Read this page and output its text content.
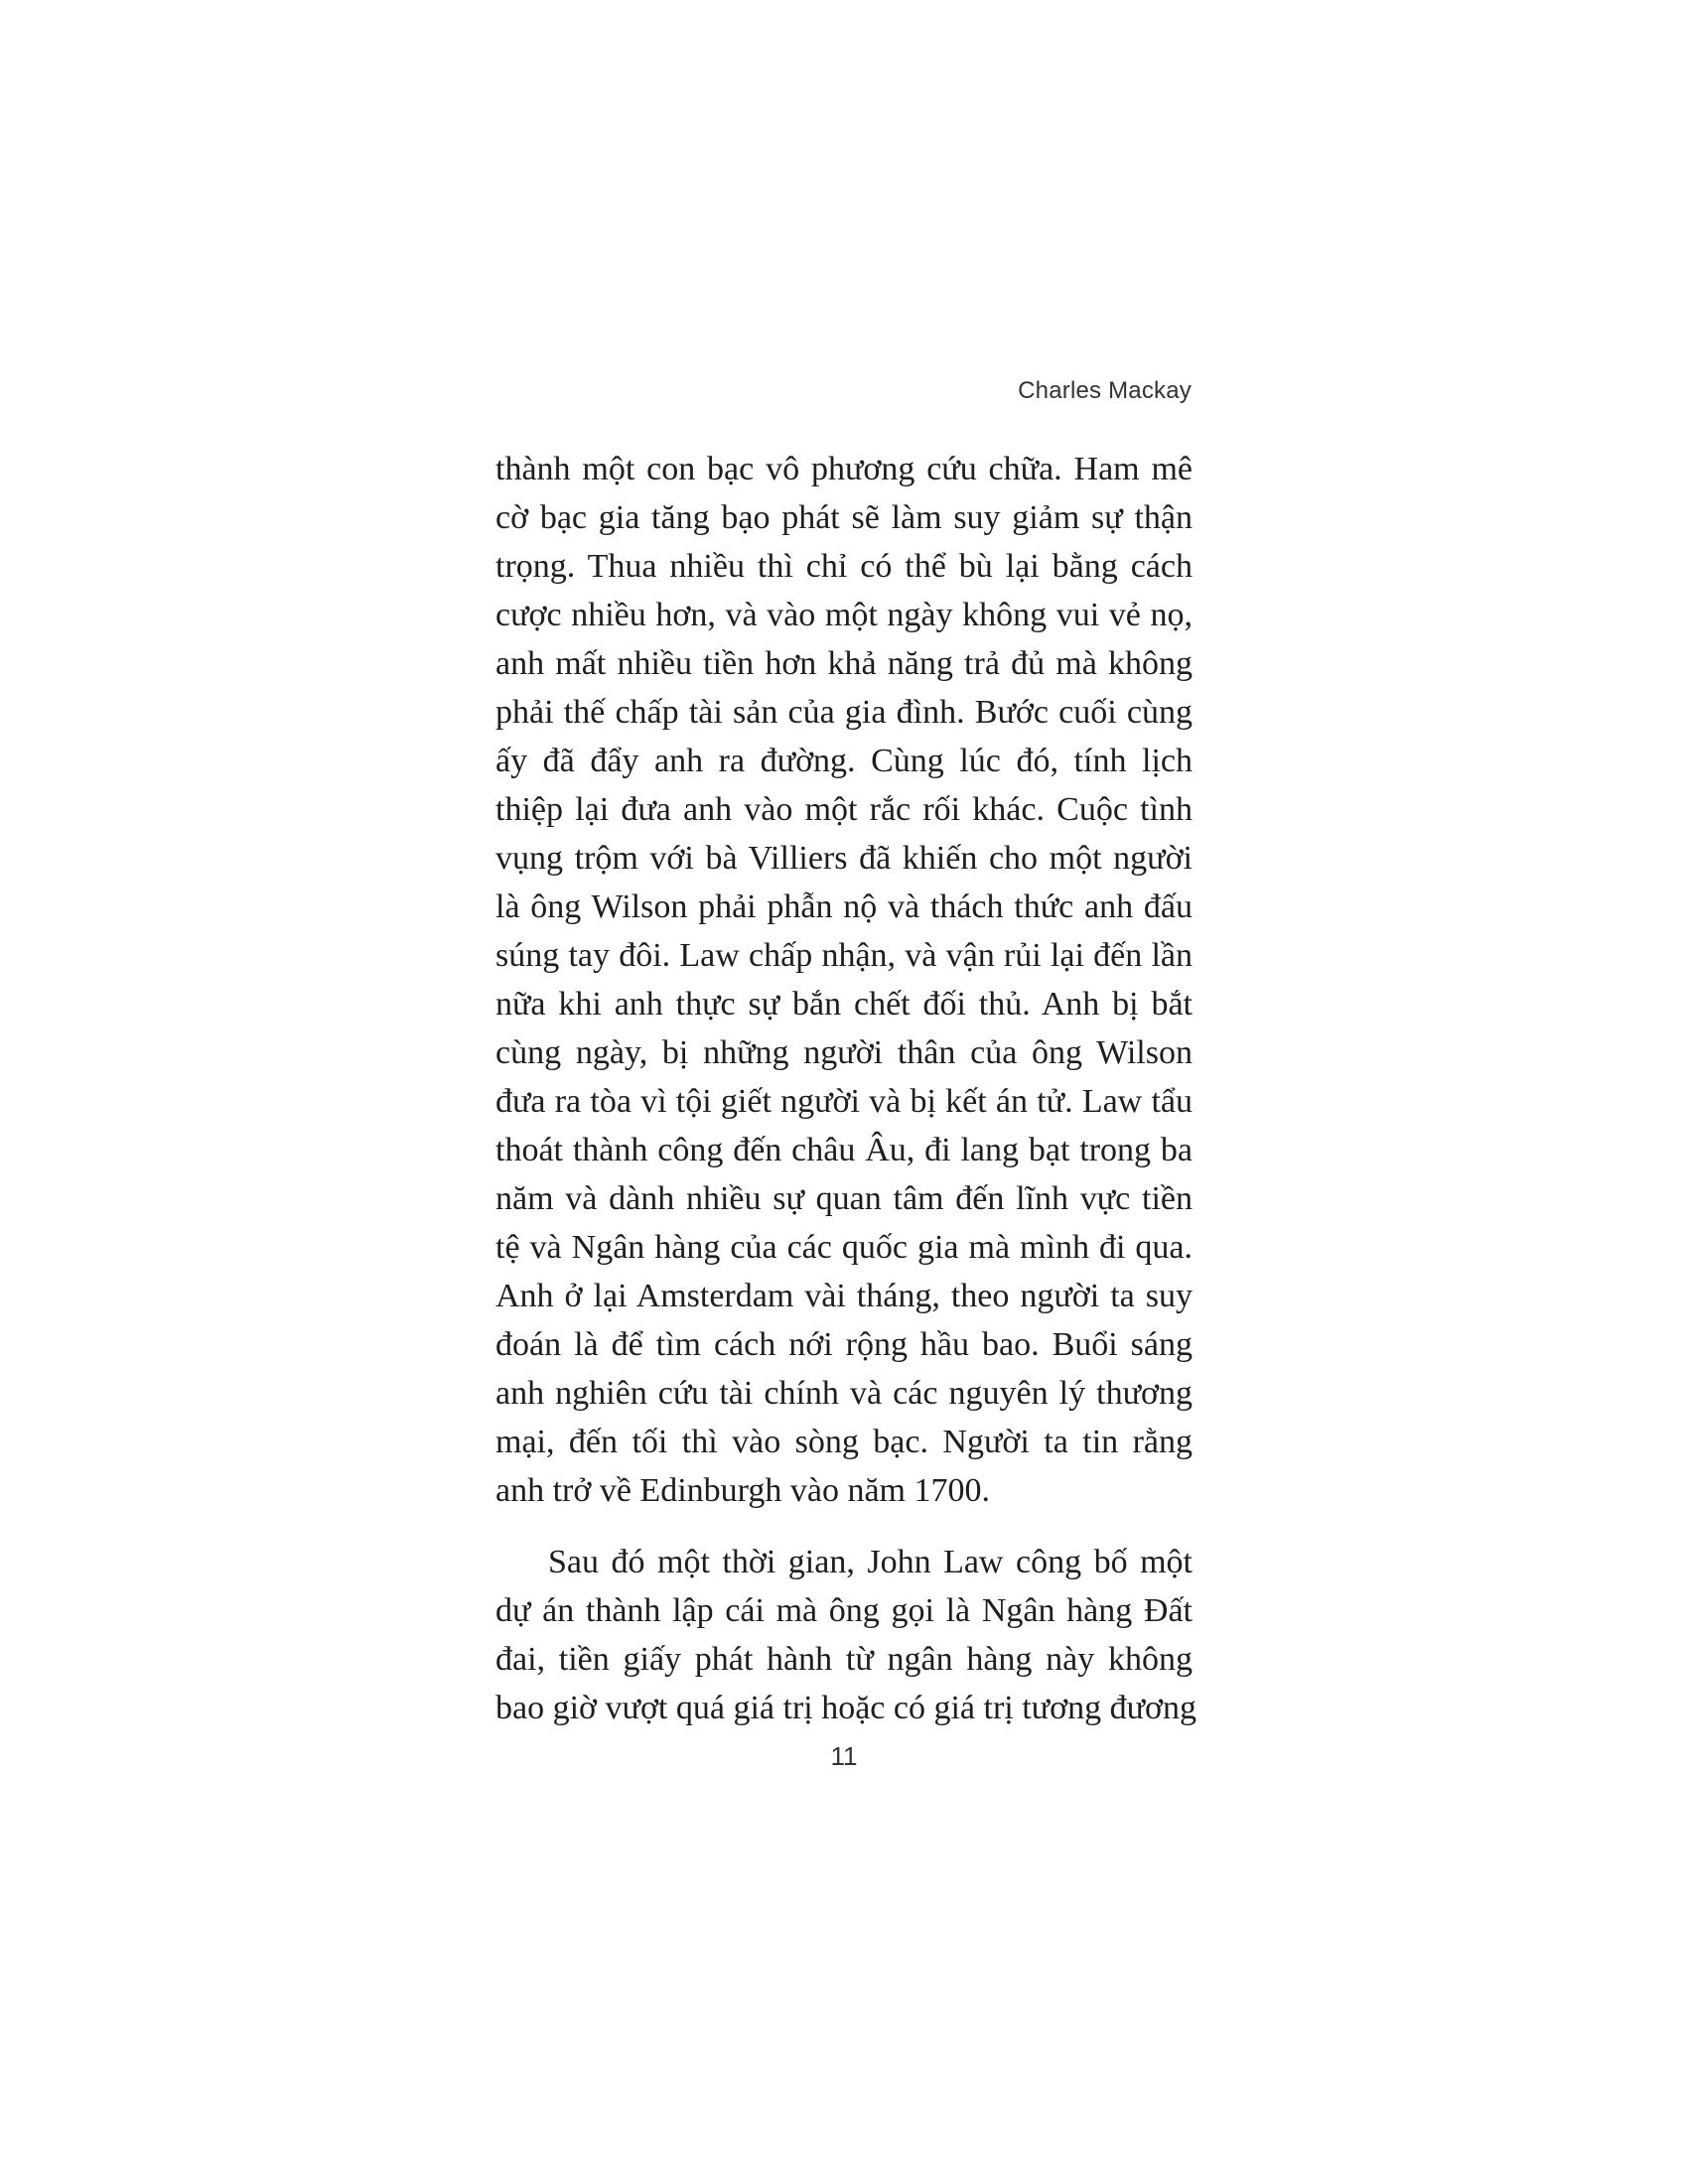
Charles Mackay
thành một con bạc vô phương cứu chữa. Ham mê
cờ bạc gia tăng bạo phát sẽ làm suy giảm sự thận
trọng. Thua nhiều thì chỉ có thể bù lại bằng cách
cược nhiều hơn, và vào một ngày không vui vẻ nọ,
anh mất nhiều tiền hơn khả năng trả đủ mà không
phải thế chấp tài sản của gia đình. Bước cuối cùng
ấy đã đẩy anh ra đường. Cùng lúc đó, tính lịch
thiệp lại đưa anh vào một rắc rối khác. Cuộc tình
vụng trộm với bà Villiers đã khiến cho một người
là ông Wilson phải phẫn nộ và thách thức anh đấu
súng tay đôi. Law chấp nhận, và vận rủi lại đến lần
nữa khi anh thực sự bắn chết đối thủ. Anh bị bắt
cùng ngày, bị những người thân của ông Wilson
đưa ra tòa vì tội giết người và bị kết án tử. Law tẩu
thoát thành công đến châu Âu, đi lang bạt trong ba
năm và dành nhiều sự quan tâm đến lĩnh vực tiền
tệ và Ngân hàng của các quốc gia mà mình đi qua.
Anh ở lại Amsterdam vài tháng, theo người ta suy
đoán là để tìm cách nới rộng hầu bao. Buổi sáng
anh nghiên cứu tài chính và các nguyên lý thương
mại, đến tối thì vào sòng bạc. Người ta tin rằng
anh trở về Edinburgh vào năm 1700.
Sau đó một thời gian, John Law công bố một
dự án thành lập cái mà ông gọi là Ngân hàng Đất
đai, tiền giấy phát hành từ ngân hàng này không
bao giờ vượt quá giá trị hoặc có giá trị tương đương
11
